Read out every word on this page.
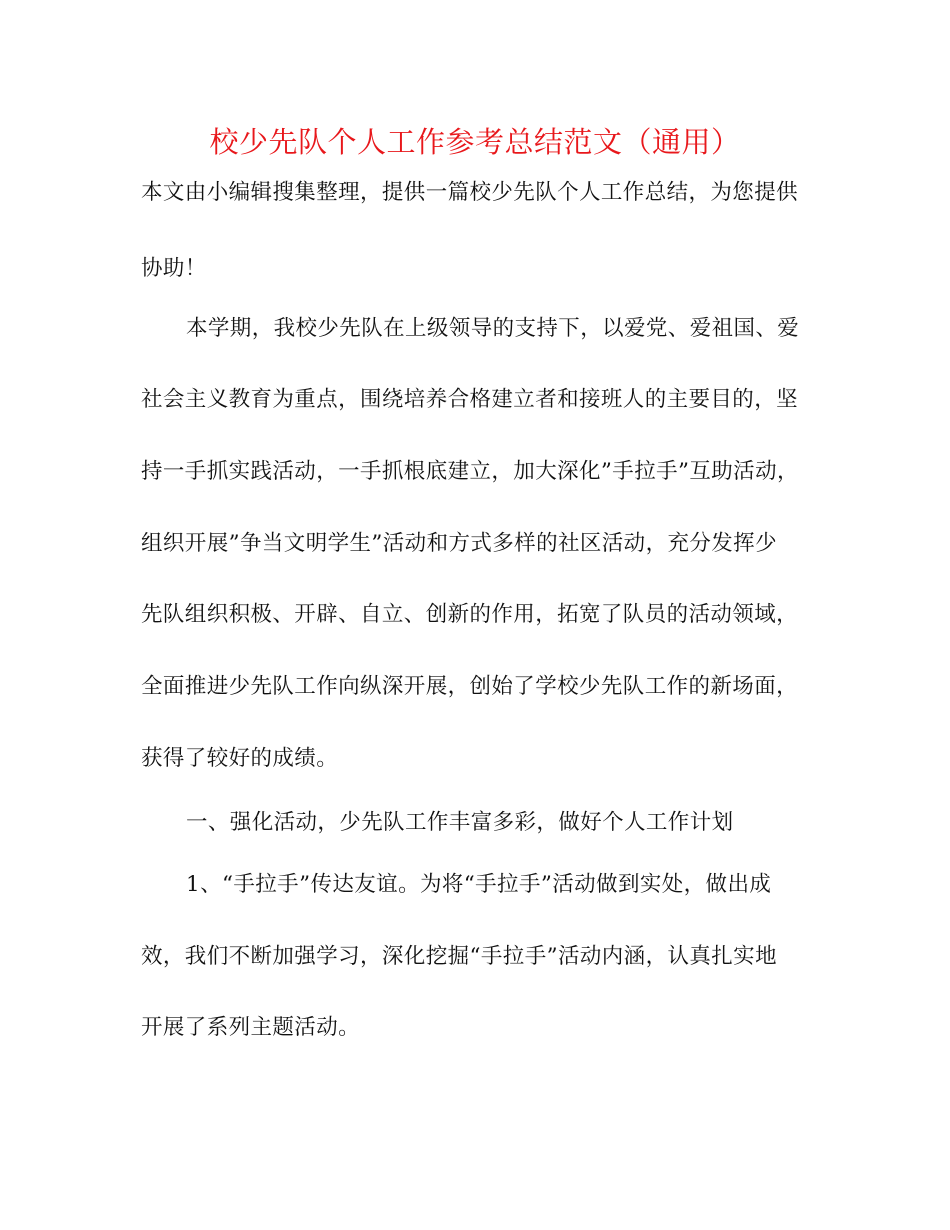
校少先队个人工作参考总结范文（通用）
本文由小编辑搜集整理，提供一篇校少先队个人工作总结，为您提供
协助！
本学期，我校少先队在上级领导的支持下，以爱党、爱祖国、爱
社会主义教育为重点，围绕培养合格建立者和接班人的主要目的，坚
持一手抓实践活动，一手抓根底建立，加大深化”手拉手”互助活动，
组织开展”争当文明学生”活动和方式多样的社区活动，充分发挥少
先队组织积极、开辟、自立、创新的作用，拓宽了队员的活动领域，
全面推进少先队工作向纵深开展，创始了学校少先队工作的新场面，
获得了较好的成绩。
一、强化活动，少先队工作丰富多彩，做好个人工作计划
1、“手拉手”传达友谊。为将“手拉手”活动做到实处，做出成
效，我们不断加强学习，深化挖掘“手拉手”活动内涵，认真扎实地
开展了系列主题活动。
